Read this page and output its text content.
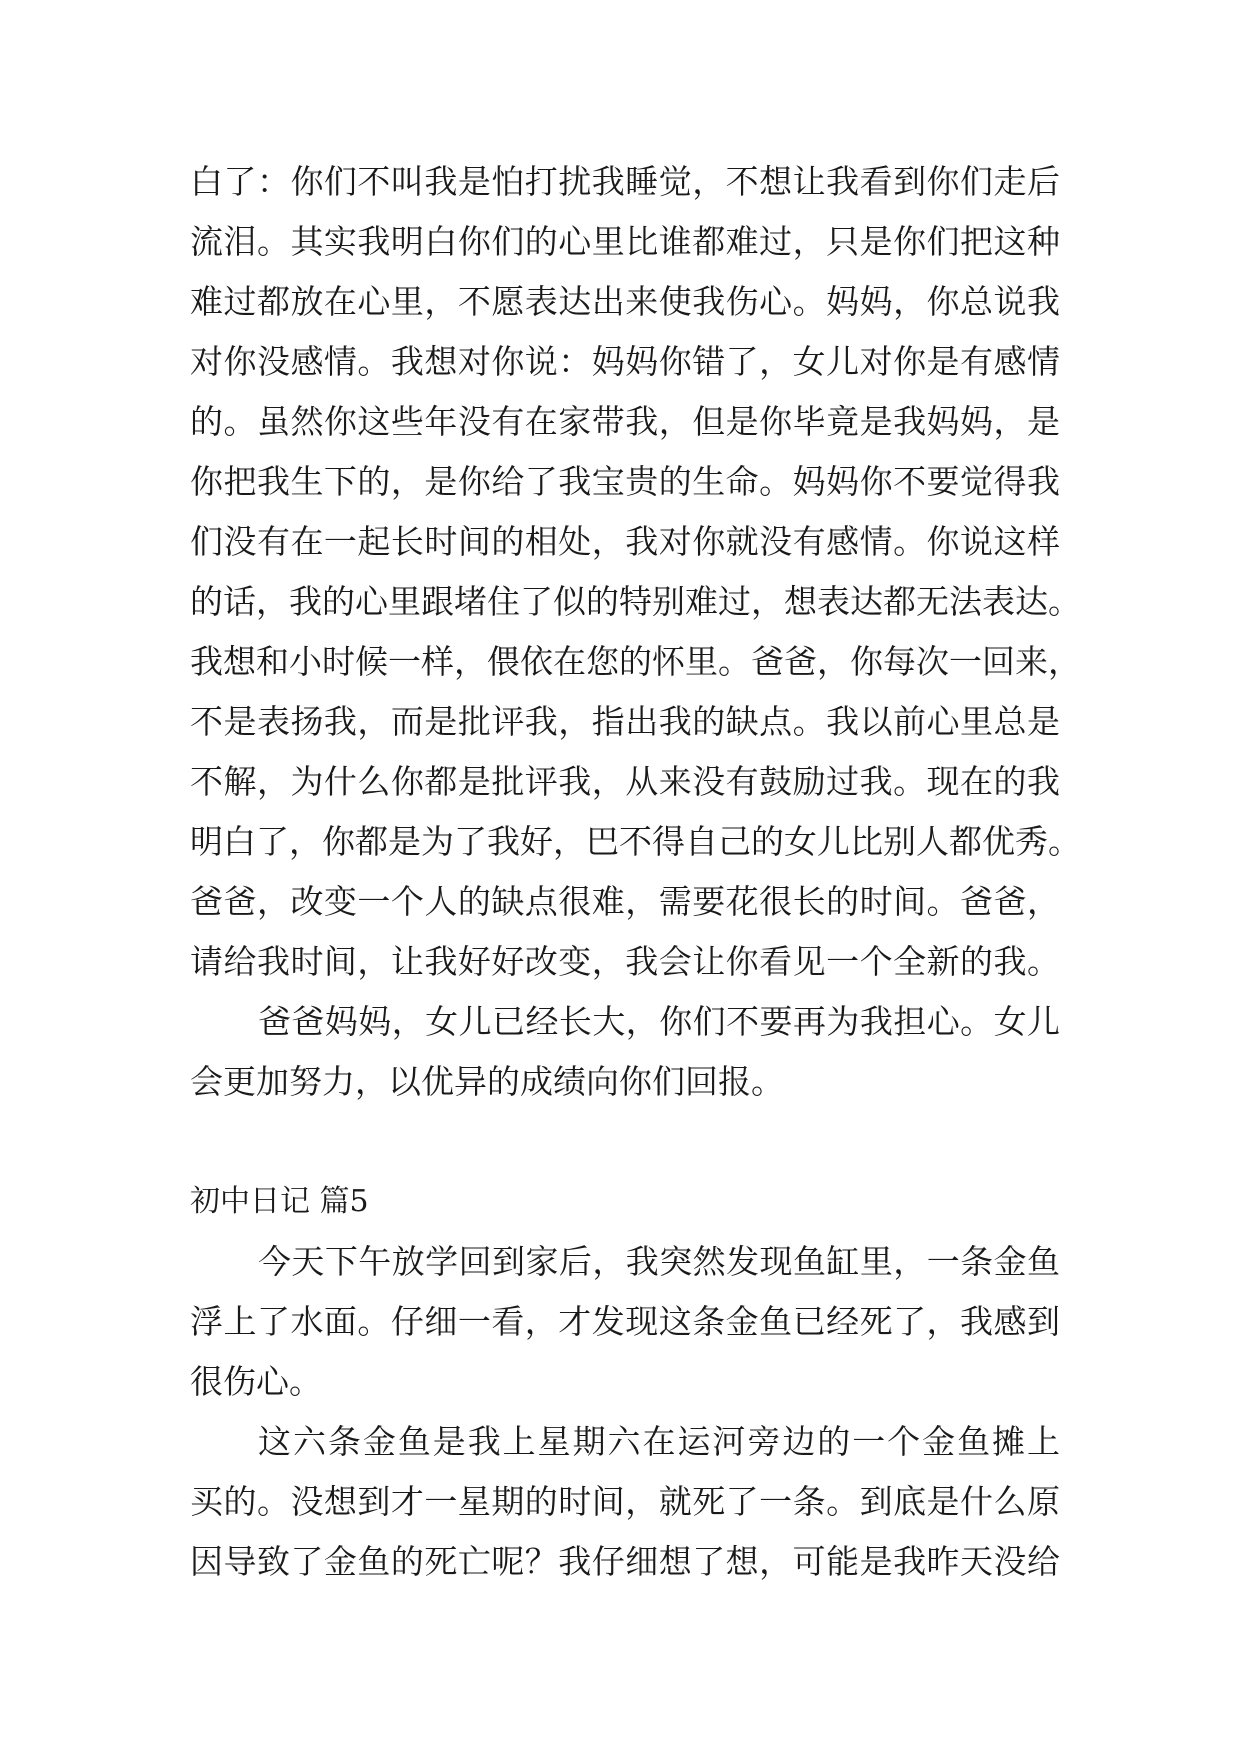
白了：你们不叫我是怕打扰我睡觉，不想让我看到你们走后
流泪。其实我明白你们的心里比谁都难过，只是你们把这种
难过都放在心里，不愿表达出来使我伤心。妈妈，你总说我
对你没感情。我想对你说：妈妈你错了，女儿对你是有感情
的。虽然你这些年没有在家带我，但是你毕竟是我妈妈，是
你把我生下的，是你给了我宝贵的生命。妈妈你不要觉得我
们没有在一起长时间的相处，我对你就没有感情。你说这样
的话，我的心里跟堵住了似的特别难过，想表达都无法表达。
我想和小时候一样，偎依在您的怀里。爸爸，你每次一回来，
不是表扬我，而是批评我，指出我的缺点。我以前心里总是
不解，为什么你都是批评我，从来没有鼓励过我。现在的我
明白了，你都是为了我好，巴不得自己的女儿比别人都优秀。
爸爸，改变一个人的缺点很难，需要花很长的时间。爸爸，
请给我时间，让我好好改变，我会让你看见一个全新的我。
爸爸妈妈，女儿已经长大，你们不要再为我担心。女儿
会更加努力，以优异的成绩向你们回报。
初中日记 篇5
今天下午放学回到家后，我突然发现鱼缸里，一条金鱼
浮上了水面。仔细一看，才发现这条金鱼已经死了，我感到
很伤心。
这六条金鱼是我上星期六在运河旁边的一个金鱼摊上
买的。没想到才一星期的时间，就死了一条。到底是什么原
因导致了金鱼的死亡呢？我仔细想了想，可能是我昨天没给
